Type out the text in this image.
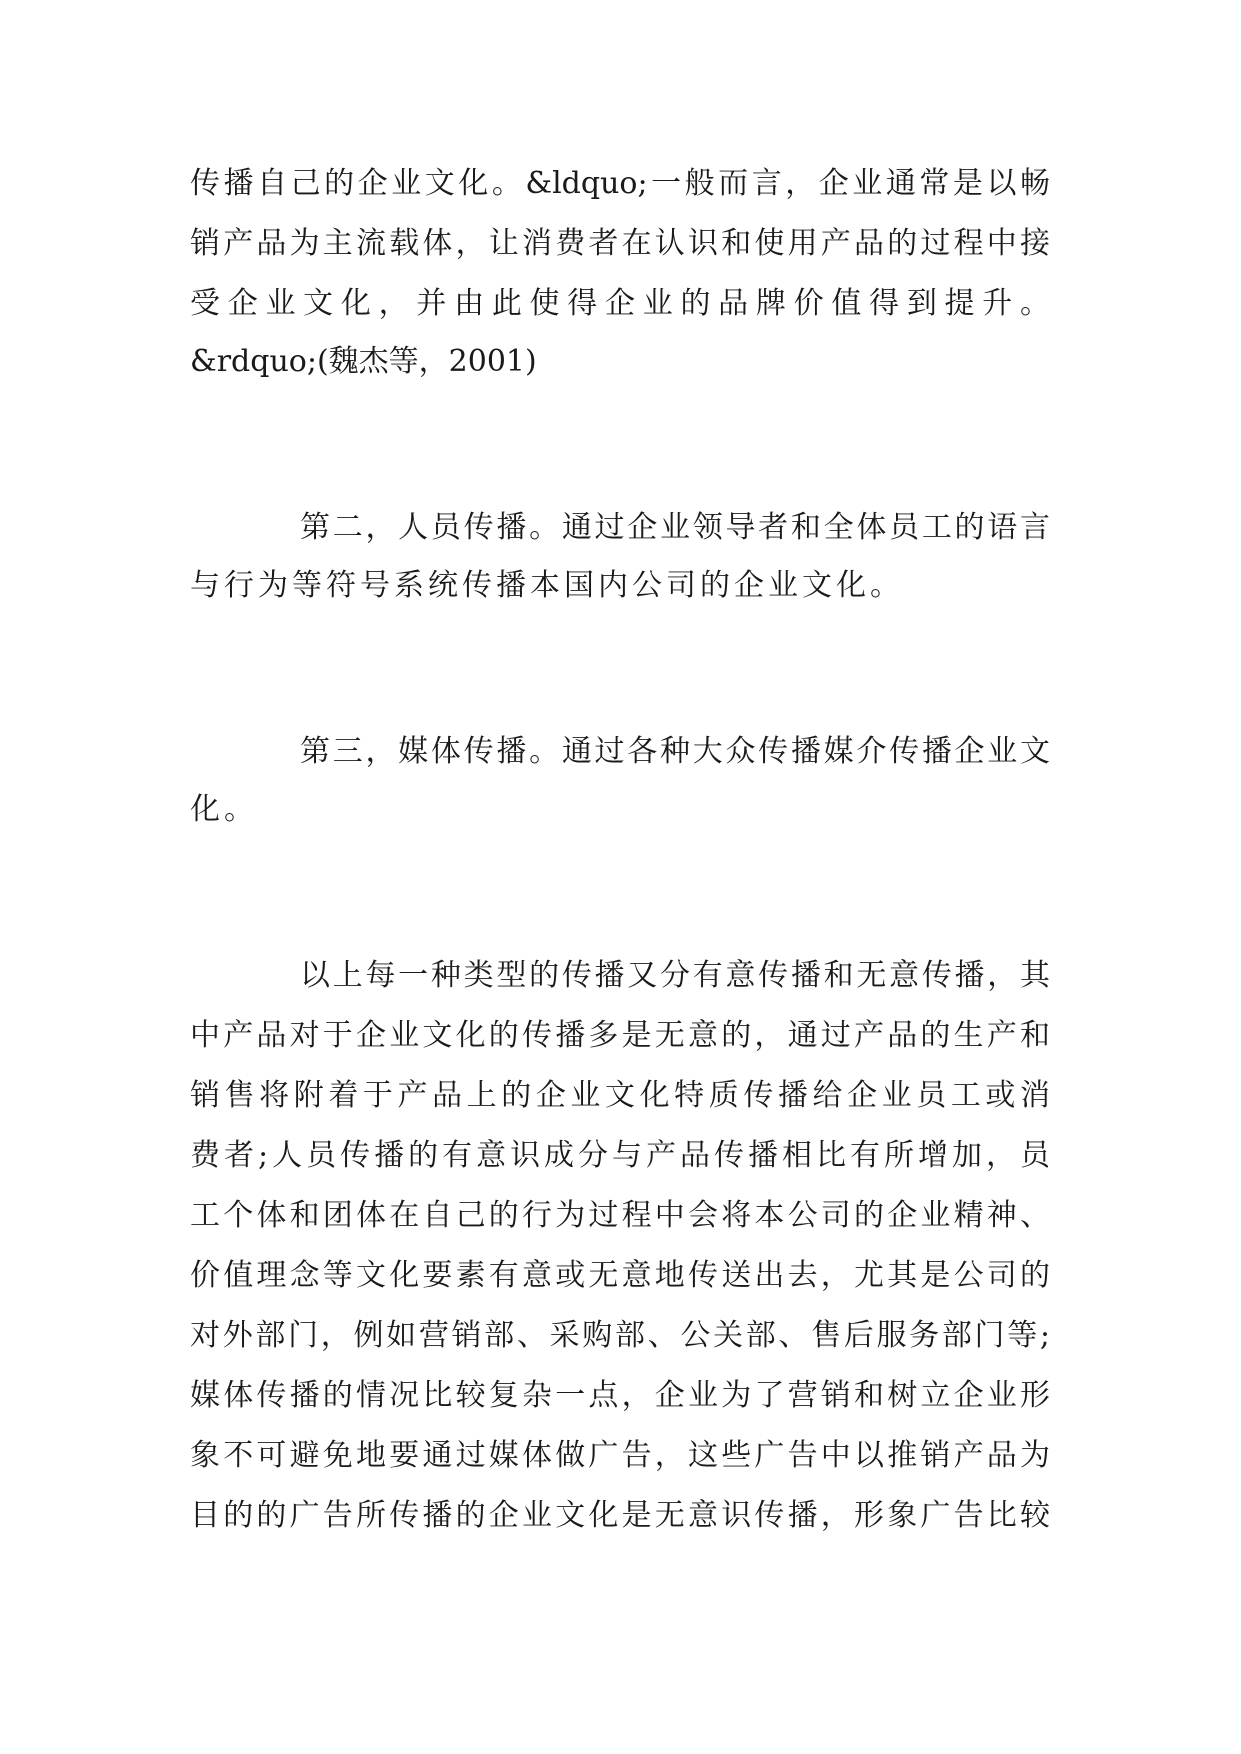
传播自己的企业文化。&ldquo;一般而言，企业通常是以畅
销产品为主流载体，让消费者在认识和使用产品的过程中接
受企业文化，并由此使得企业的品牌价值得到提升。
&rdquo;(魏杰等，2001)
第二，人员传播。通过企业领导者和全体员工的语言
与行为等符号系统传播本国内公司的企业文化。
第三，媒体传播。通过各种大众传播媒介传播企业文
化。
以上每一种类型的传播又分有意传播和无意传播，其
中产品对于企业文化的传播多是无意的，通过产品的生产和
销售将附着于产品上的企业文化特质传播给企业员工或消
费者;人员传播的有意识成分与产品传播相比有所增加，员
工个体和团体在自己的行为过程中会将本公司的企业精神、
价值理念等文化要素有意或无意地传送出去，尤其是公司的
对外部门，例如营销部、采购部、公关部、售后服务部门等;
媒体传播的情况比较复杂一点，企业为了营销和树立企业形
象不可避免地要通过媒体做广告，这些广告中以推销产品为
目的的广告所传播的企业文化是无意识传播，形象广告比较
